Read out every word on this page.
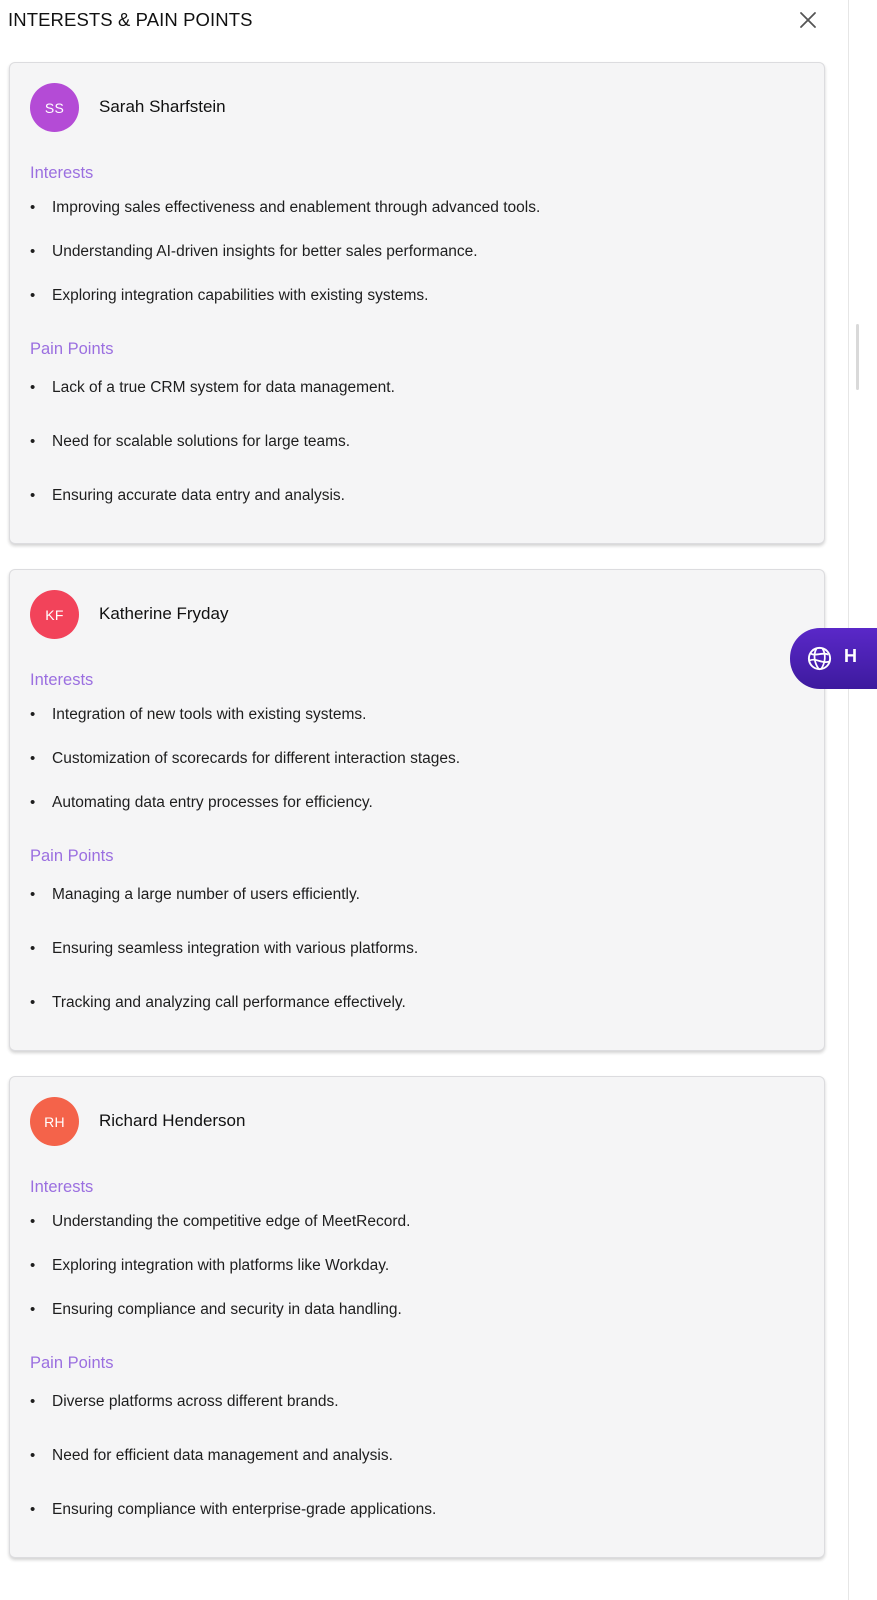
INTERESTS & PAIN POINTS
SS Sarah Sharfstein
Interests
• Improving sales effectiveness and enablement through advanced tools.
• Understanding AI-driven insights for better sales performance.
• Exploring integration capabilities with existing systems.
Pain Points
• Lack of a true CRM system for data management.
• Need for scalable solutions for large teams.
• Ensuring accurate data entry and analysis.
KF Katherine Fryday
Interests
• Integration of new tools with existing systems.
• Customization of scorecards for different interaction stages.
• Automating data entry processes for efficiency.
Pain Points
• Managing a large number of users efficiently.
• Ensuring seamless integration with various platforms.
• Tracking and analyzing call performance effectively.
RH Richard Henderson
Interests
• Understanding the competitive edge of MeetRecord.
• Exploring integration with platforms like Workday.
• Ensuring compliance and security in data handling.
Pain Points
• Diverse platforms across different brands.
• Need for efficient data management and analysis.
• Ensuring compliance with enterprise-grade applications.
H
